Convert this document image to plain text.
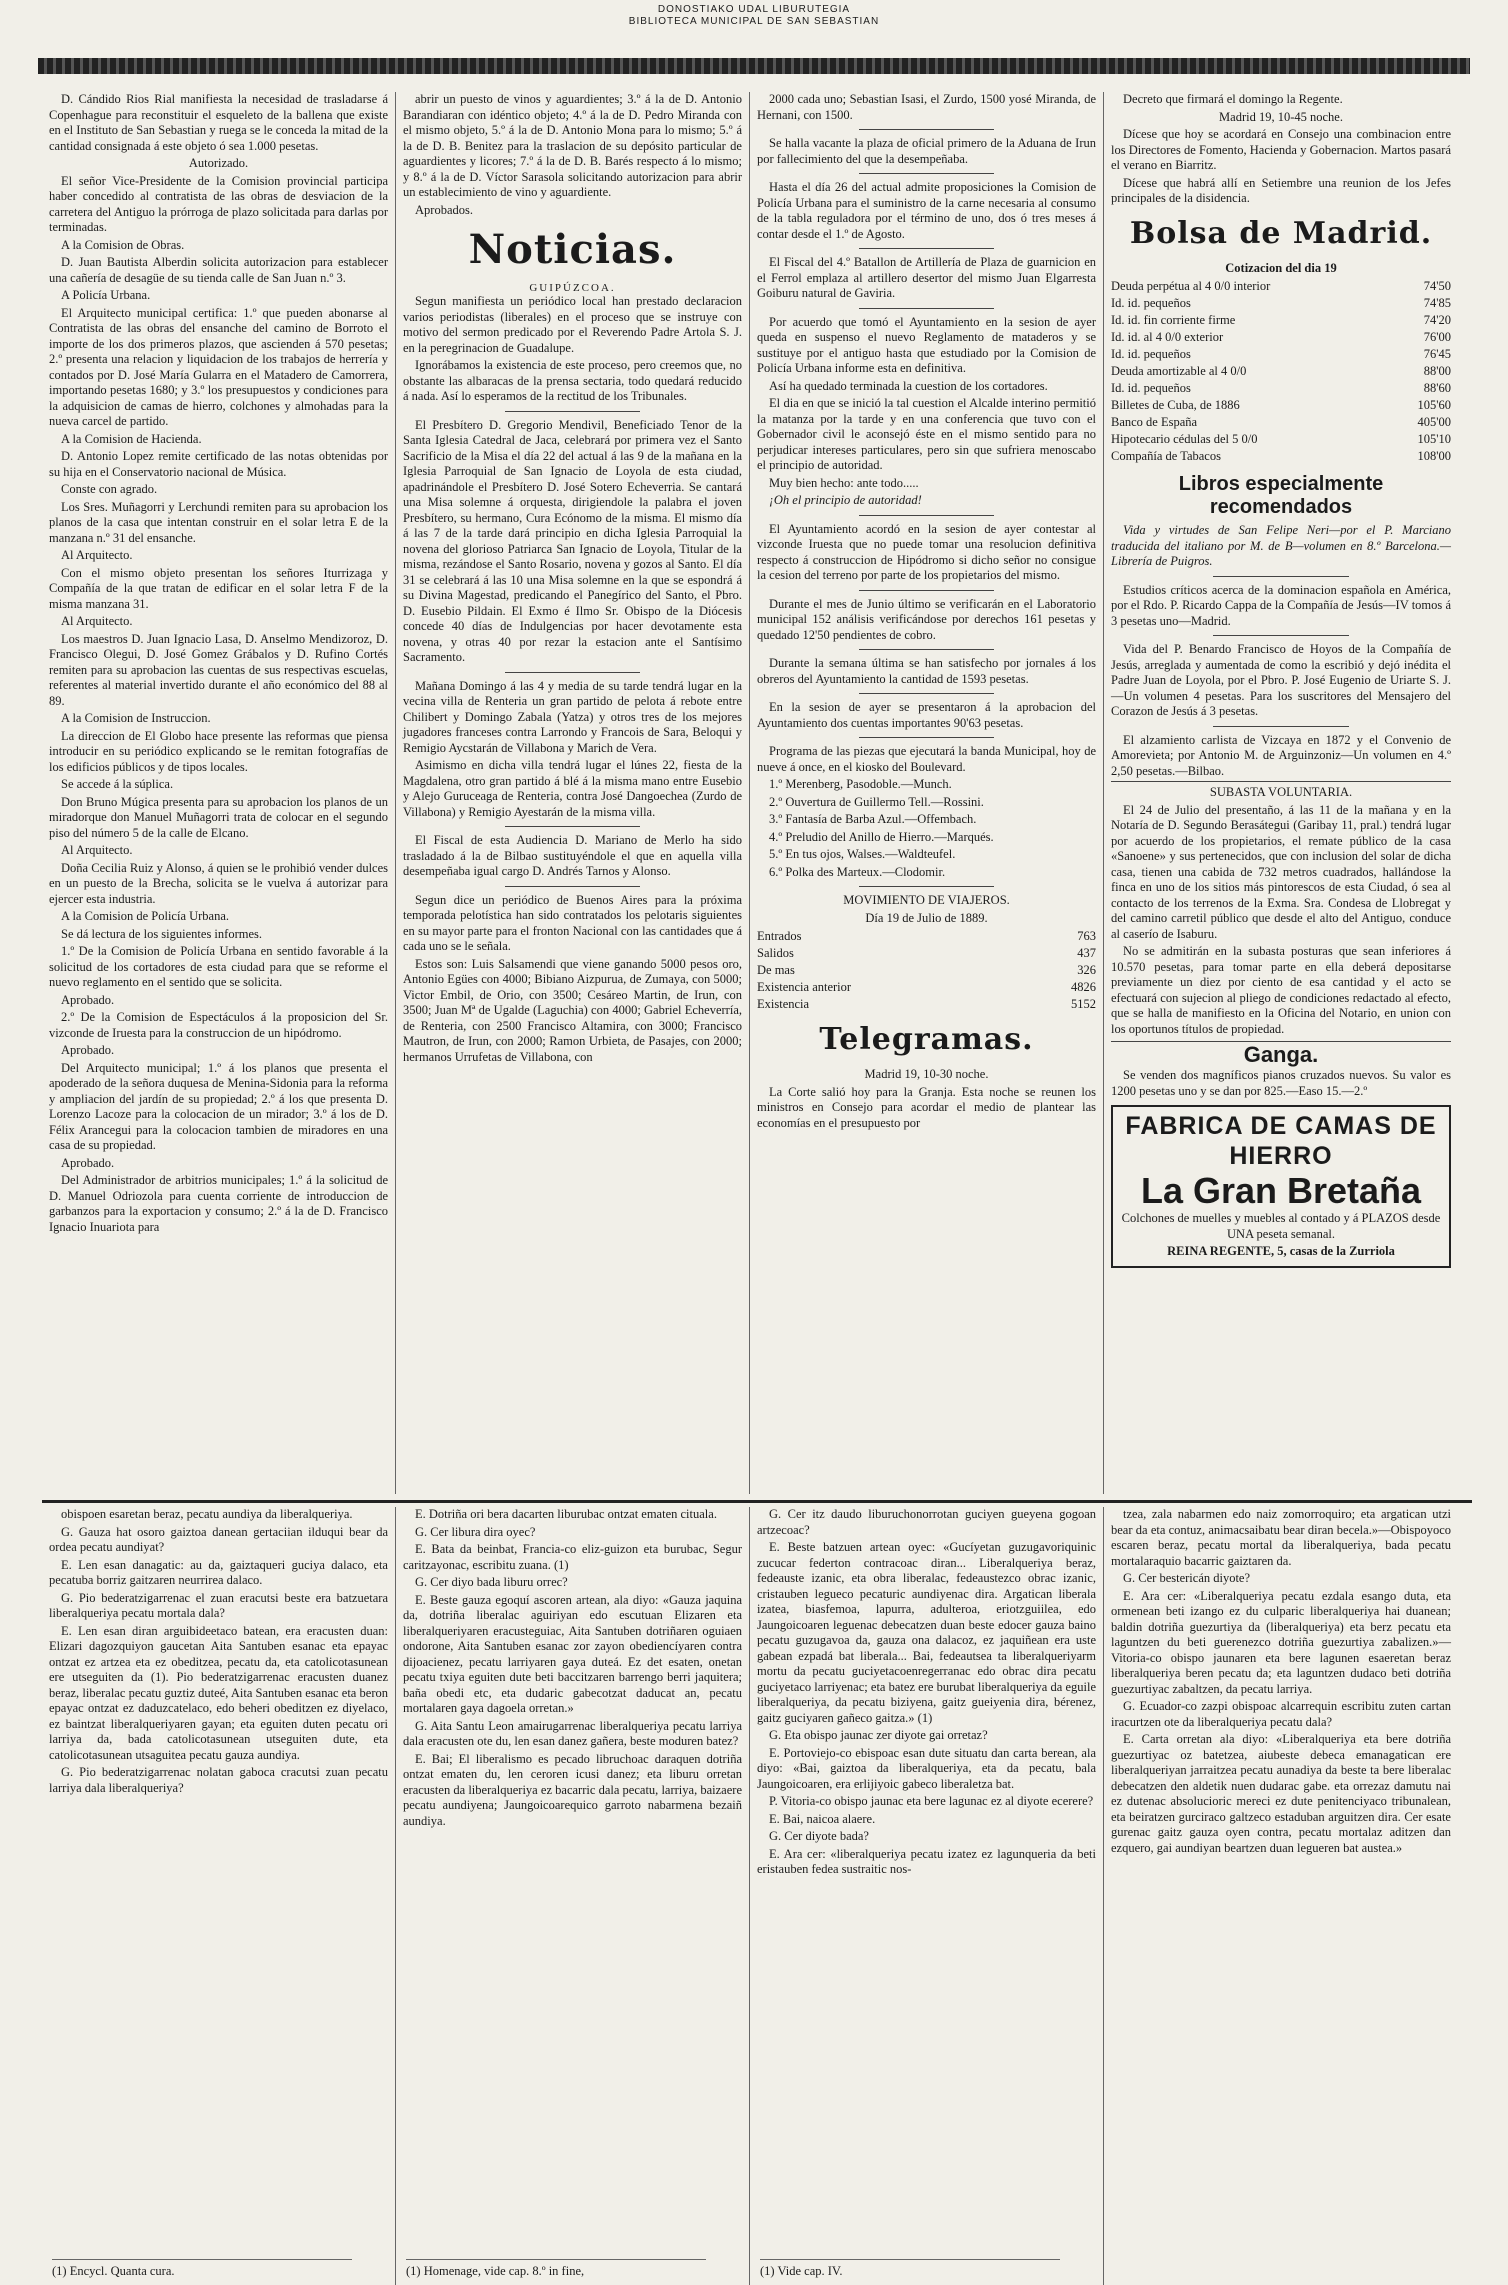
DONOSTIAKO UDAL LIBURUTEGIA
BIBLIOTECA MUNICIPAL DE SAN SEBASTIAN

D. Cándido Rios Rial manifiesta la necesidad de trasladarse á Copenhague para reconstituir el esqueleto de la ballena que existe en el Instituto de San Sebastian y ruega se le conceda la mitad de la cantidad consignada á este objeto ó sea 1.000 pesetas.

Autorizado.

El señor Vice-Presidente de la Comision provincial participa haber concedido al contratista de las obras de desviacion de la carretera del Antiguo la prórroga de plazo solicitada para darlas por terminadas.

A la Comision de Obras.

D. Juan Bautista Alberdin solicita autorizacion para establecer una cañería de desagüe de su tienda calle de San Juan n.º 3.

A Policía Urbana.

El Arquitecto municipal certifica: 1.º que pueden abonarse al Contratista de las obras del ensanche del camino de Borroto el importe de los dos primeros plazos, que ascienden á 570 pesetas; 2.º presenta una relacion y liquidacion de los trabajos de herrería y contados por D. José María Gularra en el Matadero de Camorrera, importando pesetas 1680; y 3.º los presupuestos y condiciones para la adquisicion de camas de hierro, colchones y almohadas para la nueva carcel de partido.

A la Comision de Hacienda.

D. Antonio Lopez remite certificado de las notas obtenidas por su hija en el Conservatorio nacional de Música.

Conste con agrado.

Los Sres. Muñagorri y Lerchundi remiten para su aprobacion los planos de la casa que intentan construir en el solar letra E de la manzana n.º 31 del ensanche.

Al Arquitecto.

Con el mismo objeto presentan los señores Iturrizaga y Compañía de la que tratan de edificar en el solar letra F de la misma manzana 31.

Al Arquitecto.

Los maestros D. Juan Ignacio Lasa, D. Anselmo Mendizoroz, D. Francisco Olegui, D. José Gomez Grábalos y D. Rufino Cortés remiten para su aprobacion las cuentas de sus respectivas escuelas, referentes al material invertido durante el año económico del 88 al 89.

A la Comision de Instruccion.

La direccion de El Globo hace presente las reformas que piensa introducir en su periódico explicando se le remitan fotografías de los edificios públicos y de tipos locales.

Se accede á la súplica.

Don Bruno Múgica presenta para su aprobacion los planos de un miradorque don Manuel Muñagorri trata de colocar en el segundo piso del número 5 de la calle de Elcano.

Al Arquitecto.

Doña Cecilia Ruiz y Alonso, á quien se le prohibió vender dulces en un puesto de la Brecha, solicita se le vuelva á autorizar para ejercer esta industria.

A la Comision de Policía Urbana.

Se dá lectura de los siguientes informes.

1.º De la Comision de Policía Urbana en sentido favorable á la solicitud de los cortadores de esta ciudad para que se reforme el nuevo reglamento en el sentido que se solicita.

Aprobado.

2.º De la Comision de Espectáculos á la proposicion del Sr. vizconde de Iruesta para la construccion de un hipódromo.

Aprobado.

Del Arquitecto municipal; 1.º á los planos que presenta el apoderado de la señora duquesa de Menina-Sidonia para la reforma y ampliacion del jardín de su propiedad; 2.º á los que presenta D. Lorenzo Lacoze para la colocacion de un mirador; 3.º á los de D. Félix Arancegui para la colocacion tambien de miradores en una casa de su propiedad.

Aprobado.

Del Administrador de arbitrios municipales; 1.º á la solicitud de D. Manuel Odriozola para cuenta corriente de introduccion de garbanzos para la exportacion y consumo; 2.º á la de D. Francisco Ignacio Inuariota para

abrir un puesto de vinos y aguardientes; 3.º á la de D. Antonio Barandiaran con idéntico objeto; 4.º á la de D. Pedro Miranda con el mismo objeto, 5.º á la de D. Antonio Mona para lo mismo; 5.º á la de D. B. Benitez para la traslacion de su depósito particular de aguardientes y licores; 7.º á la de D. B. Barés respecto á lo mismo; y 8.º á la de D. Víctor Sarasola solicitando autorizacion para abrir un establecimiento de vino y aguardiente.

Aprobados.

Noticias.
GUIPÚZCOA.

Segun manifiesta un periódico local han prestado declaracion varios periodistas (liberales) en el proceso que se instruye con motivo del sermon predicado por el Reverendo Padre Artola S. J. en la peregrinacion de Guadalupe.

Ignorábamos la existencia de este proceso, pero creemos que, no obstante las albaracas de la prensa sectaria, todo quedará reducido á nada. Así lo esperamos de la rectitud de los Tribunales.

El Presbítero D. Gregorio Mendivil, Beneficiado Tenor de la Santa Iglesia Catedral de Jaca, celebrará por primera vez el Santo Sacrificio de la Misa el día 22 del actual á las 9 de la mañana en la Iglesia Parroquial de San Ignacio de Loyola de esta ciudad, apadrinándole el Presbítero D. José Sotero Echeverria. Se cantará una Misa solemne á orquesta, dirigiendole la palabra el joven Presbítero, su hermano, Cura Ecónomo de la misma. El mismo día á las 7 de la tarde dará principio en dicha Iglesia Parroquial la novena del glorioso Patriarca San Ignacio de Loyola, Titular de la misma, rezándose el Santo Rosario, novena y gozos al Santo. El día 31 se celebrará á las 10 una Misa solemne en la que se espondrá á su Divina Magestad, predicando el Panegírico del Santo, el Pbro. D. Eusebio Pildain. El Exmo é Ilmo Sr. Obispo de la Diócesis concede 40 días de Indulgencias por hacer devotamente esta novena, y otras 40 por rezar la estacion ante el Santísimo Sacramento.

Mañana Domingo á las 4 y media de su tarde tendrá lugar en la vecina villa de Renteria un gran partido de pelota á rebote entre Chilibert y Domingo Zabala (Yatza) y otros tres de los mejores jugadores franceses contra Larrondo y Francois de Sara, Beloqui y Remigio Aycstarán de Villabona y Marich de Vera.

Asimismo en dicha villa tendrá lugar el lúnes 22, fiesta de la Magdalena, otro gran partido á blé á la misma mano entre Eusebio y Alejo Guruceaga de Renteria, contra José Dangoechea (Zurdo de Villabona) y Remigio Ayestarán de la misma villa.

El Fiscal de esta Audiencia D. Mariano de Merlo ha sido trasladado á la de Bilbao sustituyéndole el que en aquella villa desempeñaba igual cargo D. Andrés Tarnos y Alonso.

Segun dice un periódico de Buenos Aires para la próxima temporada pelotística han sido contratados los pelotaris siguientes en su mayor parte para el fronton Nacional con las cantidades que á cada uno se le señala.

Estos son: Luis Salsamendi que viene ganando 5000 pesos oro, Antonio Egües con 4000; Bibiano Aizpurua, de Zumaya, con 5000; Victor Embil, de Orio, con 3500; Cesáreo Martin, de Irun, con 3500; Juan Mª de Ugalde (Laguchia) con 4000; Gabriel Echeverría, de Renteria, con 2500 Francisco Altamira, con 3000; Francisco Mautron, de Irun, con 2000; Ramon Urbieta, de Pasajes, con 2000; hermanos Urrufetas de Villabona, con

2000 cada uno; Sebastian Isasi, el Zurdo, 1500 yosé Miranda, de Hernani, con 1500.

Se halla vacante la plaza de oficial primero de la Aduana de Irun por fallecimiento del que la desempeñaba.

Hasta el día 26 del actual admite proposiciones la Comision de Policía Urbana para el suministro de la carne necesaria al consumo de la tabla reguladora por el término de uno, dos ó tres meses á contar desde el 1.º de Agosto.

El Fiscal del 4.º Batallon de Artillería de Plaza de guarnicion en el Ferrol emplaza al artillero desertor del mismo Juan Elgarresta Goiburu natural de Gaviria.

Por acuerdo que tomó el Ayuntamiento en la sesion de ayer queda en suspenso el nuevo Reglamento de mataderos y se sustituye por el antiguo hasta que estudiado por la Comision de Policía Urbana informe esta en definitiva.

Así ha quedado terminada la cuestion de los cortadores.

El dia en que se inició la tal cuestion el Alcalde interino permitió la matanza por la tarde y en una conferencia que tuvo con el Gobernador civil le aconsejó éste en el mismo sentido para no perjudicar intereses particulares, pero sin que sufriera menoscabo el principio de autoridad.

Muy bien hecho: ante todo.....

¡Oh el principio de autoridad!

El Ayuntamiento acordó en la sesion de ayer contestar al vizconde Iruesta que no puede tomar una resolucion definitiva respecto á construccion de Hipódromo si dicho señor no consigue la cesion del terreno por parte de los propietarios del mismo.

Durante el mes de Junio último se verificarán en el Laboratorio municipal 152 análisis verificándose por derechos 161 pesetas y quedado 12'50 pendientes de cobro.

Durante la semana última se han satisfecho por jornales á los obreros del Ayuntamiento la cantidad de 1593 pesetas.

En la sesion de ayer se presentaron á la aprobacion del Ayuntamiento dos cuentas importantes 90'63 pesetas.

Programa de las piezas que ejecutará la banda Municipal, hoy de nueve á once, en el kiosko del Boulevard.

1.º Merenberg, Pasodoble.—Munch.

2.º Ouvertura de Guillermo Tell.—Rossini.

3.º Fantasía de Barba Azul.—Offembach.

4.º Preludio del Anillo de Hierro.—Marqués.

5.º En tus ojos, Walses.—Waldteufel.

6.º Polka des Marteux.—Clodomir.

MOVIMIENTO DE VIAJEROS.

Día 19 de Julio de 1889.

Entrados	763
Salidos	437
De mas	326
Existencia anterior	4826
Existencia	5152
Telegramas.

Madrid 19, 10-30 noche.

La Corte salió hoy para la Granja. Esta noche se reunen los ministros en Consejo para acordar el medio de plantear las economías en el presupuesto por

Decreto que firmará el domingo la Regente.

Madrid 19, 10-45 noche.

Dícese que hoy se acordará en Consejo una combinacion entre los Directores de Fomento, Hacienda y Gobernacion. Martos pasará el verano en Biarritz.

Dícese que habrá allí en Setiembre una reunion de los Jefes principales de la disidencia.

Bolsa de Madrid.

Cotizacion del dia 19

Deuda perpétua al 4 0/0 interior	74'50
Id. id. pequeños	74'85
Id. id. fin corriente firme	74'20
Id. id. al 4 0/0 exterior	76'00
Id. id. pequeños	76'45
Deuda amortizable al 4 0/0	88'00
Id. id. pequeños	88'60
Billetes de Cuba, de 1886	105'60
Banco de España	405'00
Hipotecario cédulas del 5 0/0	105'10
Compañía de Tabacos	108'00
Libros especialmente recomendados

Vida y virtudes de San Felipe Neri—por el P. Marciano traducida del italiano por M. de B—volumen en 8.º Barcelona.—Librería de Puigros.

Estudios críticos acerca de la dominacion española en América, por el Rdo. P. Ricardo Cappa de la Compañía de Jesús—IV tomos á 3 pesetas uno—Madrid.

Vida del P. Benardo Francisco de Hoyos de la Compañía de Jesús, arreglada y aumentada de como la escribió y dejó inédita el Padre Juan de Loyola, por el Pbro. P. José Eugenio de Uriarte S. J.—Un volumen 4 pesetas. Para los suscritores del Mensajero del Corazon de Jesús á 3 pesetas.

El alzamiento carlista de Vizcaya en 1872 y el Convenio de Amorevieta; por Antonio M. de Arguinzoniz—Un volumen en 4.º 2,50 pesetas.—Bilbao.

SUBASTA VOLUNTARIA.

El 24 de Julio del presentaño, á las 11 de la mañana y en la Notaría de D. Segundo Berasátegui (Garibay 11, pral.) tendrá lugar por acuerdo de los propietarios, el remate público de la casa «Sanoene» y sus pertenecidos, que con inclusion del solar de dicha casa, tienen una cabida de 732 metros cuadrados, hallándose la finca en uno de los sitios más pintorescos de esta Ciudad, ó sea al contacto de los terrenos de la Exma. Sra. Condesa de Llobregat y del camino carretil público que desde el alto del Antiguo, conduce al caserío de Isaburu.

No se admitirán en la subasta posturas que sean inferiores á 10.570 pesetas, para tomar parte en ella deberá depositarse previamente un diez por ciento de esa cantidad y el acto se efectuará con sujecion al pliego de condiciones redactado al efecto, que se halla de manifiesto en la Oficina del Notario, en union con los oportunos títulos de propiedad.

Ganga.

Se venden dos magníficos pianos cruzados nuevos. Su valor es 1200 pesetas uno y se dan por 825.—Easo 15.—2.º

FABRICA DE CAMAS DE HIERRO
La Gran Bretaña

Colchones de muelles y muebles al contado y á PLAZOS desde UNA peseta semanal.

REINA REGENTE, 5, casas de la Zurriola

obispoen esaretan beraz, pecatu aundiya da liberalqueriya.

G. Gauza hat osoro gaiztoa danean gertaciian ilduqui bear da ordea pecatu aundiyat?

E. Len esan danagatic: au da, gaiztaqueri guciya dalaco, eta pecatuba borriz gaitzaren neurrirea dalaco.

G. Pio bederatzigarrenac el zuan eracutsi beste era batzuetara liberalqueriya pecatu mortala dala?

E. Len esan diran arguibideetaco batean, era eracusten duan: Elizari dagozquiyon gaucetan Aita Santuben esanac eta epayac ontzat ez artzea eta ez obeditzea, pecatu da, eta catolicotasunean ere utseguiten da (1). Pio bederatzigarrenac eracusten duanez beraz, liberalac pecatu guztiz duteé, Aita Santuben esanac eta beron epayac ontzat ez daduzcatelaco, edo beheri obeditzen ez diyelaco, ez baintzat liberalqueriyaren gayan; eta eguiten duten pecatu ori larriya da, bada catolicotasunean utseguiten dute, eta catolicotasunean utsaguitea pecatu gauza aundiya.

G. Pio bederatzigarrenac nolatan gaboca cracutsi zuan pecatu larriya dala liberalqueriya?

(1) Encycl. Quanta cura.

E. Dotriña ori bera dacarten liburubac ontzat ematen cituala.

G. Cer libura dira oyec?

E. Bata da beinbat, Francia-co eliz-guizon eta burubac, Segur caritzayonac, escribitu zuana. (1)

G. Cer diyo bada liburu orrec?

E. Beste gauza egoquí ascoren artean, ala diyo: «Gauza jaquina da, dotriña liberalac aguiriyan edo escutuan Elizaren eta liberalqueriyaren eracusteguiac, Aita Santuben dotriñaren oguiaen ondorone, Aita Santuben esanac zor zayon obediencíyaren contra dijoacienez, pecatu larriyaren gaya duteá. Ez det esaten, onetan pecatu txiya eguiten dute beti baccitzaren barrengo berri jaquitera; baña obedi etc, eta dudaric gabecotzat daducat an, pecatu mortalaren gaya dagoela orretan.»

G. Aita Santu Leon amairugarrenac liberalqueriya pecatu larriya dala eracusten ote du, len esan danez gañera, beste moduren batez?

E. Bai; El liberalismo es pecado libruchoac daraquen dotriña ontzat ematen du, len ceroren icusi danez; eta liburu orretan eracusten da liberalqueriya ez bacarric dala pecatu, larriya, baizaere pecatu aundiyena; Jaungoicoarequico garroto nabarmena bezaiñ aundiya.

(1) Homenage, vide cap. 8.º in fine,

G. Cer itz daudo liburuchonorrotan guciyen gueyena gogoan artzecoac?

E. Beste batzuen artean oyec: «Gucíyetan guzugavoriquinic zucucar federton contracoac diran... Liberalqueriya beraz, fedeauste izanic, eta obra liberalac, fedeaustezco obrac izanic, cristauben legueco pecaturic aundiyenac dira. Argatican liberala izatea, biasfemoa, lapurra, adulteroa, eriotzguiilea, edo Jaungoicoaren leguenac debecatzen duan beste edocer gauza baino pecatu guzugavoa da, gauza ona dalacoz, ez jaquiñean era uste gabean ezpadá bat liberala... Bai, fedeautsea ta liberalqueriyarm mortu da pecatu guciyetacoenregerranac edo obrac dira pecatu guciyetaco larriyenac; eta batez ere burubat liberalqueriya da eguile liberalqueriya, da pecatu biziyena, gaitz gueiyenia dira, bérenez, gaitz guciyaren gañeco gaitza.» (1)

G. Eta obispo jaunac zer diyote gai orretaz?

E. Portoviejo-co ebispoac esan dute situatu dan carta berean, ala diyo: «Bai, gaiztoa da liberalqueriya, eta da pecatu, bala Jaungoicoaren, era erlijiyoic gabeco liberaletza bat.

P. Vitoria-co obispo jaunac eta bere lagunac ez al diyote ecerere?

E. Bai, naicoa alaere.

G. Cer diyote bada?

E. Ara cer: «liberalqueriya pecatu izatez ez lagunqueria da beti eristauben fedea sustraitic nos-

(1) Vide cap. IV.

tzea, zala nabarmen edo naiz zomorroquiro; eta argatican utzi bear da eta contuz, animacsaibatu bear diran becela.»—Obispoyoco escaren beraz, pecatu mortal da liberalqueriya, bada pecatu mortalaraquio bacarric gaiztaren da.

G. Cer bestericán diyote?

E. Ara cer: «Liberalqueriya pecatu ezdala esango duta, eta ormenean beti izango ez du culparic liberalqueriya hai duanean; baldin dotriña guezurtiya da (liberalqueriya) eta berz pecatu eta laguntzen du beti guerenezco dotriña guezurtiya zabalizen.»—Vitoria-co obispo jaunaren eta bere lagunen esaeretan beraz liberalqueriya beren pecatu da; eta laguntzen dudaco beti dotriña guezurtiyac zabaltzen, da pecatu larriya.

G. Ecuador-co zazpi obispoac alcarrequin escribitu zuten cartan iracurtzen ote da liberalqueriya pecatu dala?

E. Carta orretan ala diyo: «Liberalqueriya eta bere dotriña guezurtiyac oz batetzea, aiubeste debeca emanagatican ere liberalqueriyan jarraitzea pecatu aunadiya da beste ta bere liberalac debecatzen den aldetik nuen dudarac gabe. eta orrezaz damutu nai ez dutenac absolucioric mereci ez dute penitenciyaco tribunalean, eta beiratzen gurciraco galtzeco estaduban arguitzen dira. Cer esate gurenac gaitz gauza oyen contra, pecatu mortalaz aditzen dan ezquero, gai aundiyan beartzen duan legueren bat austea.»
